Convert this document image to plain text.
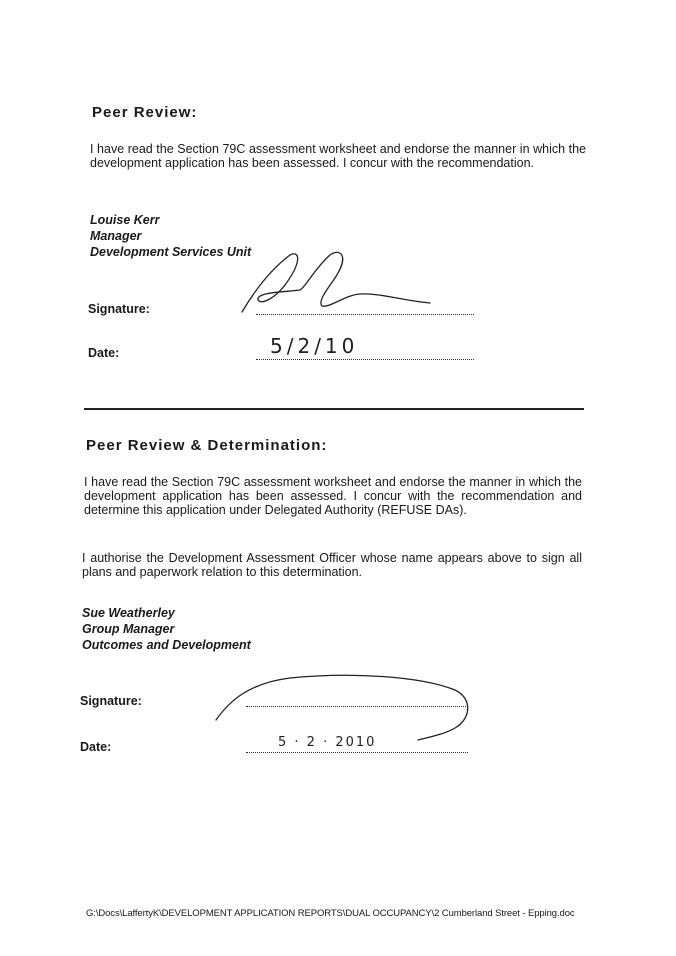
Peer Review:
I have read the Section 79C assessment worksheet and endorse the manner in which the development application has been assessed. I concur with the recommendation.
Louise Kerr
Manager
Development Services Unit
Signature:
Date:	5/2/10
Peer Review & Determination:
I have read the Section 79C assessment worksheet and endorse the manner in which the development application has been assessed. I concur with the recommendation and determine this application under Delegated Authority (REFUSE DAs).
I authorise the Development Assessment Officer whose name appears above to sign all plans and paperwork relation to this determination.
Sue Weatherley
Group Manager
Outcomes and Development
Signature:
Date:	5 · 2 · 2010
G:\Docs\LaffertyK\DEVELOPMENT APPLICATION REPORTS\DUAL OCCUPANCY\2 Cumberland Street - Epping.doc
